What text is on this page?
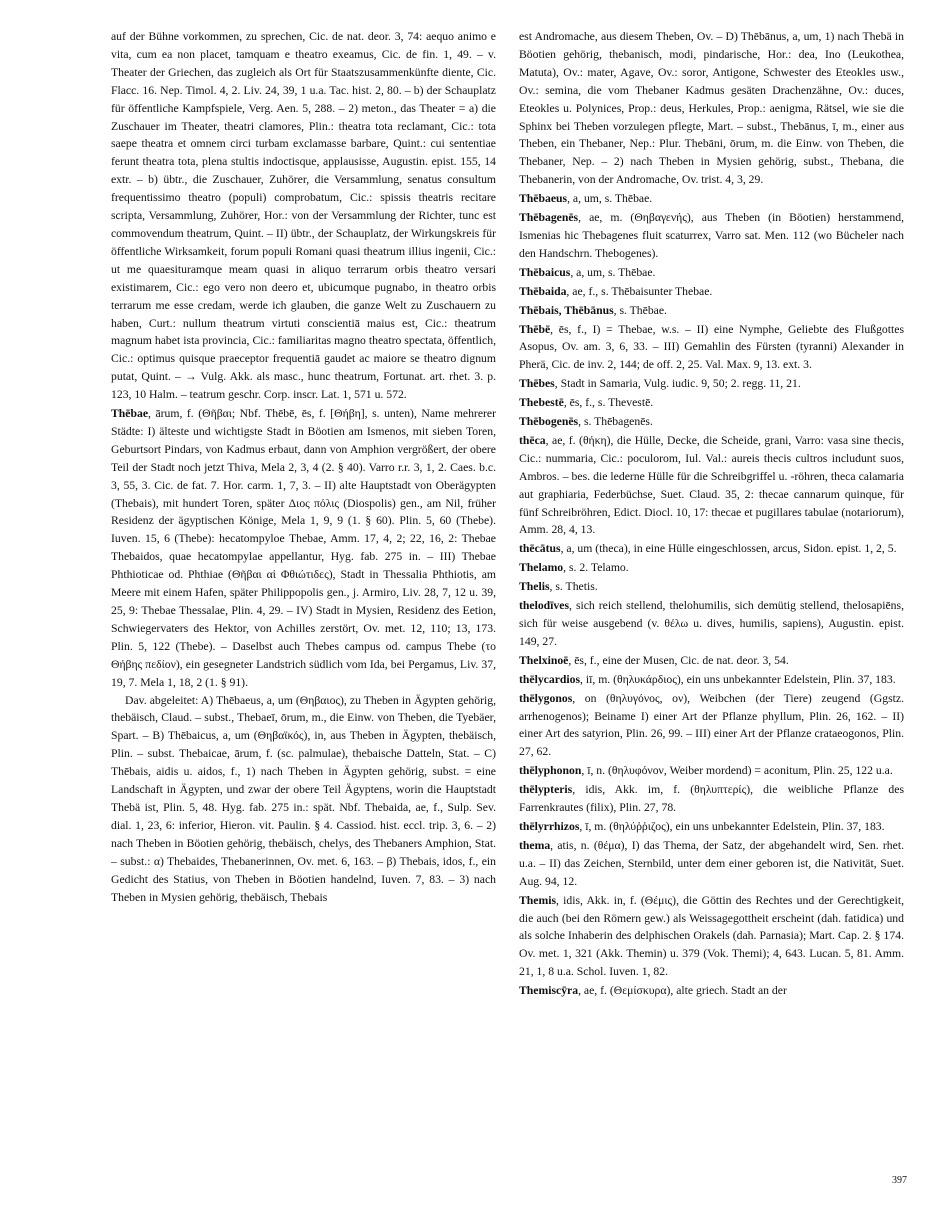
auf der Bühne vorkommen, zu sprechen, Cic. de nat. deor. 3, 74: aequo animo e vita, cum ea non placet, tamquam e theatro exeamus, Cic. de fin. 1, 49. – v. Theater der Griechen, das zugleich als Ort für Staatszusammenkünfte diente, Cic. Flacc. 16. Nep. Timol. 4, 2. Liv. 24, 39, 1 u.a. Tac. hist. 2, 80. – b) der Schauplatz für öffentliche Kampfspiele, Verg. Aen. 5, 288. – 2) meton., das Theater = a) die Zuschauer im Theater, theatri clamores, Plin.: theatra tota reclamant, Cic.: tota saepe theatra et omnem circi turbam exclamasse barbare, Quint.: cui sententiae ferunt theatra tota, plena stultis indoctisque, applausisse, Augustin. epist. 155, 14 extr. – b) übtr., die Zuschauer, Zuhörer, die Versammlung, senatus consultum frequentissimo theatro (populi) comprobatum, Cic.: spissis theatris recitare scripta, Versammlung, Zuhörer, Hor.: von der Versammlung der Richter, tunc est commovendum theatrum, Quint. – II) übtr., der Schauplatz, der Wirkungskreis für öffentliche Wirksamkeit, forum populi Romani quasi theatrum illius ingenii, Cic.: ut me quaesituramque meam quasi in aliquo terrarum orbis theatro versari existimarem, Cic.: ego vero non deero et, ubicumque pugnabo, in theatro orbis terrarum me esse credam, werde ich glauben, die ganze Welt zu Zuschauern zu haben, Curt.: nullum theatrum virtuti conscientiā maius est, Cic.: theatrum magnum habet ista provincia, Cic.: familiaritas magno theatro spectata, öffentlich, Cic.: optimus quisque praeceptor frequentiā gaudet ac maiore se theatro dignum putat, Quint. – → Vulg. Akk. als masc., hunc theatrum, Fortunat. art. rhet. 3. p. 123, 10 Halm. – teatrum geschr. Corp. inscr. Lat. 1, 571 u. 572.

Thēbae, ārum, f. (Θῆβαι; Nbf. Thēbē, ēs, f. [Θήβη], s. unten), Name mehrerer Städte: I) älteste und wichtigste Stadt in Böotien am Ismenos, mit sieben Toren, Geburtsort Pindars, von Kadmus erbaut, dann von Amphion vergrößert, der obere Teil der Stadt noch jetzt Thiva, Mela 2, 3, 4 (2. § 40). Varro r.r. 3, 1, 2. Caes. b.c. 3, 55, 3. Cic. de fat. 7. Hor. carm. 1, 7, 3. – II) alte Hauptstadt von Oberägypten (Thebais), mit hundert Toren, später Διος πόλις (Diospolis) gen., am Nil, früher Residenz der ägyptischen Könige, Mela 1, 9, 9 (1. § 60). Plin. 5, 60 (Thebe). Iuven. 15, 6 (Thebe): hecatompyloe Thebae, Amm. 17, 4, 2; 22, 16, 2: Thebae Thebaidos, quae hecatompylae appellantur, Hyg. fab. 275 in. – III) Thebae Phthioticae od. Phthiae (Θῆβαι αἱ Φθιώτιδες), Stadt in Thessalia Phthiotis, am Meere mit einem Hafen, später Philippopolis gen., j. Armiro, Liv. 28, 7, 12 u. 39, 25, 9: Thebae Thessalae, Plin. 4, 29. – IV) Stadt in Mysien, Residenz des Eetion, Schwiegervaters des Hektor, von Achilles zerstört, Ov. met. 12, 110; 13, 173. Plin. 5, 122 (Thebe). – Daselbst auch Thebes campus od. campus Thebe (το Θήβης πεδίον), ein gesegneter Landstrich südlich vom Ida, bei Pergamus, Liv. 37, 19, 7. Mela 1, 18, 2 (1. § 91).

Dav. abgeleitet: A) Thēbaeus, a, um (Θηβαιος), zu Theben in Ägypten gehörig, thebäisch, Claud. – subst., Thebaeī, ōrum, m., die Einw. von Theben, die Tyebäer, Spart. – B) Thēbaicus, a, um (Θηβαϊκός), in, aus Theben in Ägypten, thebäisch, Plin. – subst. Thebaicae, ārum, f. (sc. palmulae), thebaische Datteln, Stat. – C) Thēbais, aidis u. aidos, f., 1) nach Theben in Ägypten gehörig, subst. = eine Landschaft in Ägypten, und zwar der obere Teil Ägyptens, worin die Hauptstadt Thebä ist, Plin. 5, 48. Hyg. fab. 275 in.: spät. Nbf. Thebaida, ae, f., Sulp. Sev. dial. 1, 23, 6: inferior, Hieron. vit. Paulin. § 4. Cassiod. hist. eccl. trip. 3, 6. – 2) nach Theben in Böotien gehörig, thebäisch, chelys, des Thebaners Amphion, Stat. – subst.: α) Thebaides, Thebanerinnen, Ov. met. 6, 163. – β) Thebais, idos, f., ein Gedicht des Statius, von Theben in Böotien handelnd, Iuven. 7, 83. – 3) nach Theben in Mysien gehörig, thebäisch, Thebais

est Andromache, aus diesem Theben, Ov. – D) Thēbānus, a, um, 1) nach Thebä in Böotien gehörig, thebanisch, modi, pindarische, Hor.: dea, Ino (Leukothea, Matuta), Ov.: mater, Agave, Ov.: soror, Antigone, Schwester des Eteokles usw., Ov.: semina, die vom Thebaner Kadmus gesäten Drachenzähne, Ov.: duces, Eteokles u. Polynices, Prop.: deus, Herkules, Prop.: aenigma, Rätsel, wie sie die Sphinx bei Theben vorzulegen pflegte, Mart. – subst., Thebānus, ī, m., einer aus Theben, ein Thebaner, Nep.: Plur. Thebāni, ōrum, m. die Einw. von Theben, die Thebaner, Nep. – 2) nach Theben in Mysien gehörig, subst., Thebana, die Thebanerin, von der Andromache, Ov. trist. 4, 3, 29.

Thēbaeus, a, um, s. Thēbae.

Thēbagenēs, ae, m. (Θηβαγενής), aus Theben (in Böotien) herstammend, Ismenias hic Thebagenes fluit scaturrex, Varro sat. Men. 112 (wo Bücheler nach den Handschrn. Thebogenes).

Thēbaicus, a, um, s. Thēbae.

Thēbaida, ae, f., s. Thēbaisunter Thebae.

Thēbais, Thēbānus, s. Thēbae.

Thēbē, ēs, f., I) = Thebae, w.s. – II) eine Nymphe, Geliebte des Flußgottes Asopus, Ov. am. 3, 6, 33. – III) Gemahlin des Fürsten (tyranni) Alexander in Pherä, Cic. de inv. 2, 144; de off. 2, 25. Val. Max. 9, 13. ext. 3.

Thēbes, Stadt in Samaria, Vulg. iudic. 9, 50; 2. regg. 11, 21.

Thebestē, ēs, f., s. Thevestē.

Thēbogenēs, s. Thēbagenēs.

thēca, ae, f. (θήκη), die Hülle, Decke, die Scheide, grani, Varro: vasa sine thecis, Cic.: nummaria, Cic.: poculorom, Iul. Val.: aureis thecis cultros includunt suos, Ambros. – bes. die lederne Hülle für die Schreibgriffel u. -röhren, theca calamaria aut graphiaria, Federbüchse, Suet. Claud. 35, 2: thecae cannarum quinque, für fünf Schreibröhren, Edict. Diocl. 10, 17: thecae et pugillares tabulae (notariorum), Amm. 28, 4, 13.

thēcātus, a, um (theca), in eine Hülle eingeschlossen, arcus, Sidon. epist. 1, 2, 5.

Thelamo, s. 2. Telamo.

Thelis, s. Thetis.

thelodīves, sich reich stellend, thelohumilis, sich demütig stellend, thelosapiēns, sich für weise ausgebend (v. θέλω u. dives, humilis, sapiens), Augustin. epist. 149, 27.

Thelxinoē, ēs, f., eine der Musen, Cic. de nat. deor. 3, 54.

thēlycardios, iī, m. (θηλυκάρδιος), ein uns unbekannter Edelstein, Plin. 37, 183.

thēlygonos, on (θηλυγόνος, ον), Weibchen (der Tiere) zeugend (Ggstz. arrhenogenos); Beiname I) einer Art der Pflanze phyllum, Plin. 26, 162. – II) einer Art des satyrion, Plin. 26, 99. – III) einer Art der Pflanze crataeogonos, Plin. 27, 62.

thēlyphonon, ī, n. (θηλυφόνον, Weiber mordend) = aconitum, Plin. 25, 122 u.a.

thēlypteris, idis, Akk. im, f. (θηλυπτερίς), die weibliche Pflanze des Farrenkrautes (filix), Plin. 27, 78.

thēlyrrhizos, ī, m. (θηλύῤῥιζος), ein uns unbekannter Edelstein, Plin. 37, 183.

thema, atis, n. (θέμα), I) das Thema, der Satz, der abgehandelt wird, Sen. rhet. u.a. – II) das Zeichen, Sternbild, unter dem einer geboren ist, die Nativität, Suet. Aug. 94, 12.

Themis, idis, Akk. in, f. (Θέμις), die Göttin des Rechtes und der Gerechtigkeit, die auch (bei den Römern gew.) als Weissagegottheit erscheint (dah. fatidica) und als solche Inhaberin des delphischen Orakels (dah. Parnasia); Mart. Cap. 2. § 174. Ov. met. 1, 321 (Akk. Themin) u. 379 (Vok. Themi); 4, 643. Lucan. 5, 81. Amm. 21, 1, 8 u.a. Schol. Iuven. 1, 82.

Themiscȳra, ae, f. (Θεμίσκυρα), alte griech. Stadt an der

397
